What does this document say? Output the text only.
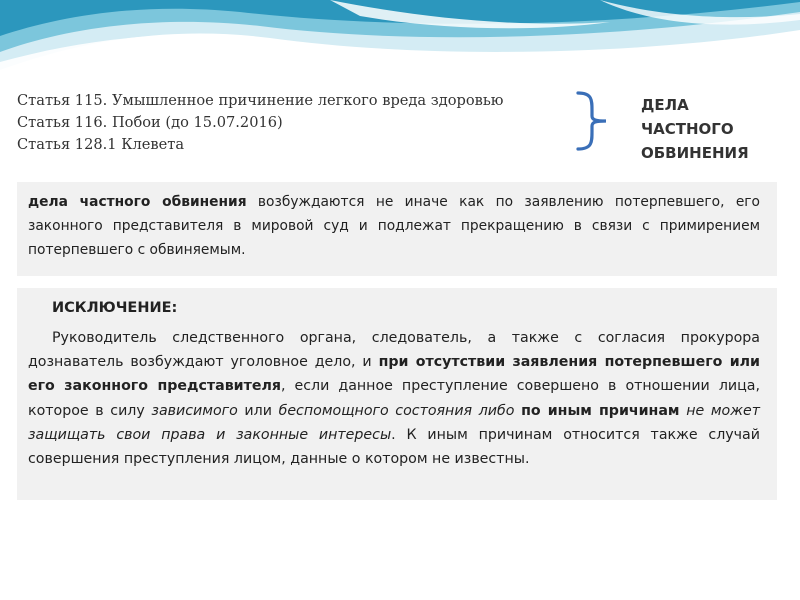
Статья 115. Умышленное причинение легкого вреда здоровью
Статья 116. Побои (до 15.07.2016)
Статья 128.1 Клевета
ДЕЛА
ЧАСТНОГО
ОБВИНЕНИЯ
дела частного обвинения возбуждаются не иначе как по заявлению потерпевшего, его законного представителя в мировой суд и подлежат прекращению в связи с примирением потерпевшего с обвиняемым.
ИСКЛЮЧЕНИЕ:
Руководитель следственного органа, следователь, а также с согласия прокурора дознаватель возбуждают уголовное дело, и при отсутствии заявления потерпевшего или его законного представителя, если данное преступление совершено в отношении лица, которое в силу зависимого или беспомощного состояния либо по иным причинам не может защищать свои права и законные интересы. К иным причинам относится также случай совершения преступления лицом, данные о котором не известны.
